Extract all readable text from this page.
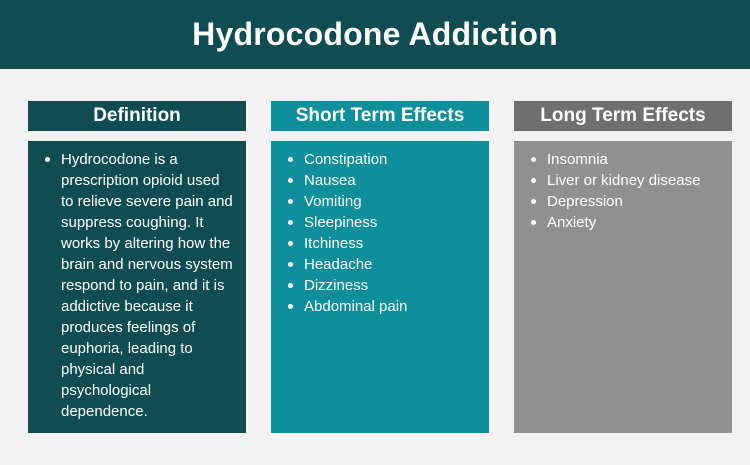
Hydrocodone Addiction
Definition
Hydrocodone is a prescription opioid used to relieve severe pain and suppress coughing. It works by altering how the brain and nervous system respond to pain, and it is addictive because it produces feelings of euphoria, leading to physical and psychological dependence.
Short Term Effects
Constipation
Nausea
Vomiting
Sleepiness
Itchiness
Headache
Dizziness
Abdominal pain
Long Term Effects
Insomnia
Liver or kidney disease
Depression
Anxiety
